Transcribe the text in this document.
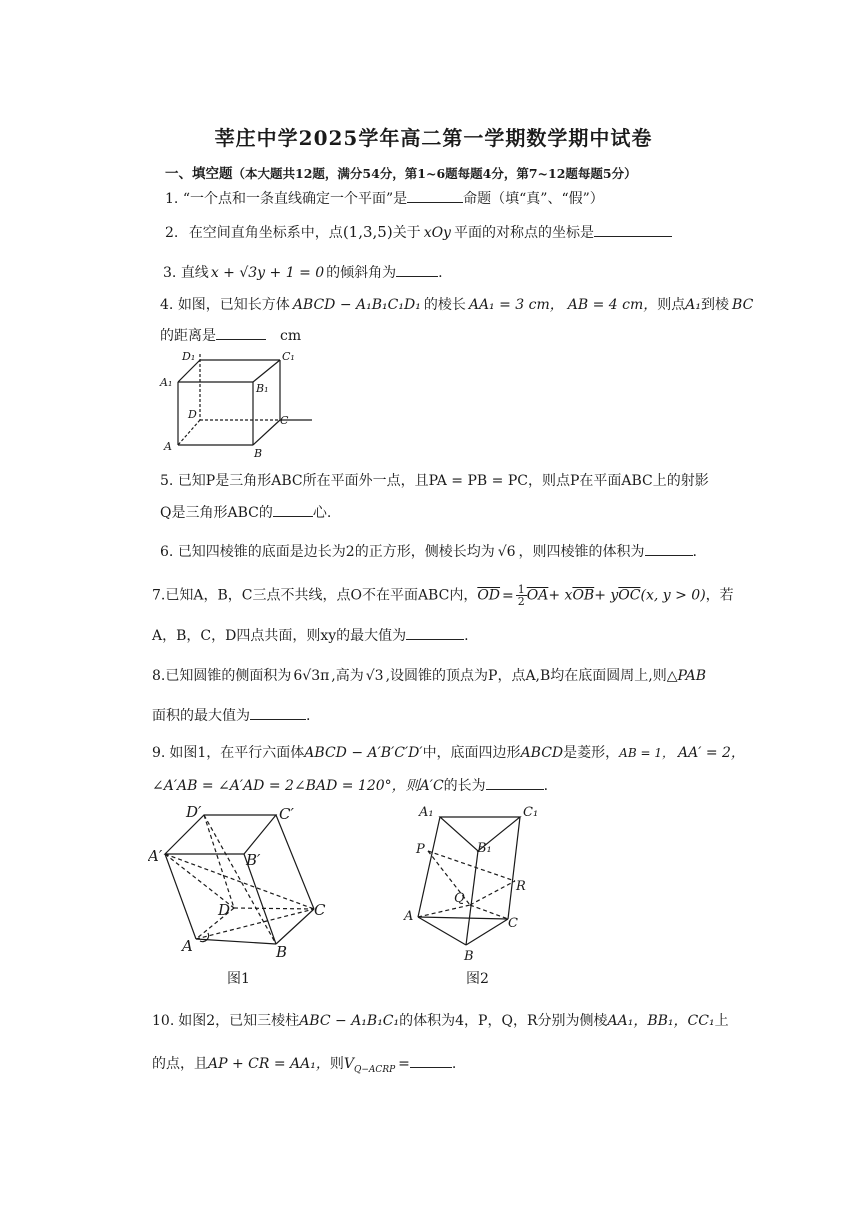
莘庄中学2025学年高二第一学期数学期中试卷
一、填空题（本大题共12题，满分54分，第1~6题每题4分，第7~12题每题5分）
1. “一个点和一条直线确定一个平面”是	命题（填“真”、“假”）
2. 在空间直角坐标系中，点(1,3,5)关于 xOy 平面的对称点的坐标是
3. 直线 x + √3y + 1 = 0 的倾斜角为	.
4. 如图，已知长方体 ABCD − A₁B₁C₁D₁ 的棱长 AA₁ = 3 cm， AB = 4 cm，则点A₁到棱 BC
的距离是	cm
D₁	C₁
A₁	B₁
D	C
A
B
5. 已知P是三角形ABC所在平面外一点，且PA = PB = PC，则点P在平面ABC上的射影
Q是三角形ABC的	心.
6. 已知四棱锥的底面是边长为2的正方形，侧棱长均为 √6 ，则四棱锥的体积为	.
7.已知A，B，C三点不共线，点O不在平面ABC内，$\overline{OD} = \frac{1}{2} \overline{OA}+ x\overline{OB}+ y\overline{OC}(x$, y > 0)，若
A，B，C，D四点共面，则xy的最大值为	.
8.已知圆锥的侧面积为 6√3π ,高为 √3 ,设圆锥的顶点为P，点A,B均在底面圆周上,则△PAB
面积的最大值为	.
9. 如图1，在平行六面体ABCD − A′B′C′D′中，底面四边形ABCD是菱形，AB = 1， AA′ = 2，
∠A′AB = ∠A′AD = 2∠BAD = 120°，则A′C的长为	.
D′	C′
A′	B′
D	C
A	B
图1
A₁	C₁
B₁
P
R
Q
A	C
B
图2
10. 如图2，已知三棱柱ABC − A₁B₁C₁的体积为4，P，Q，R分别为侧棱AA₁，BB₁，CC₁上
的点，且AP + CR = AA₁，则$V_{Q-ACRP}$ =	.
